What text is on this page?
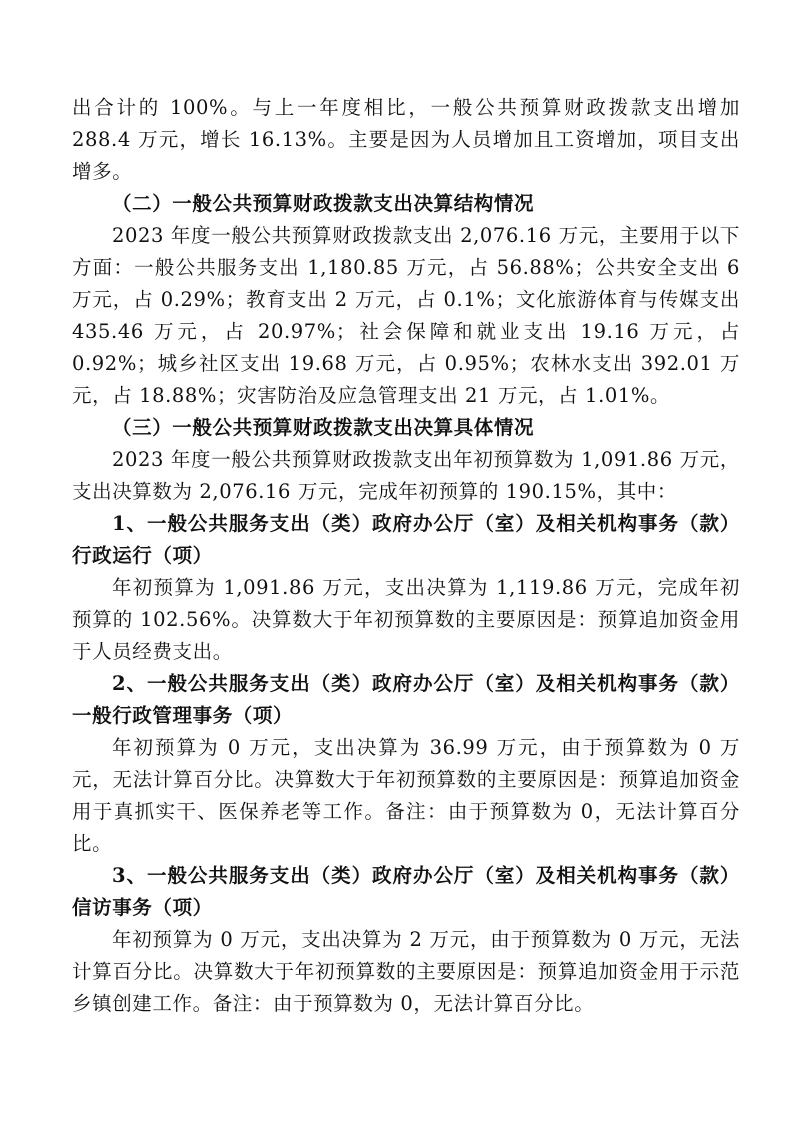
出合计的 100%。与上一年度相比，一般公共预算财政拨款支出增加 288.4 万元，增长 16.13%。主要是因为人员增加且工资增加，项目支出增多。

（二）一般公共预算财政拨款支出决算结构情况

2023 年度一般公共预算财政拨款支出 2,076.16 万元，主要用于以下方面：一般公共服务支出 1,180.85 万元，占 56.88%；公共安全支出 6 万元，占 0.29%；教育支出 2 万元，占 0.1%；文化旅游体育与传媒支出 435.46 万元，占 20.97%；社会保障和就业支出 19.16 万元，占 0.92%；城乡社区支出 19.68 万元，占 0.95%；农林水支出 392.01 万元，占 18.88%；灾害防治及应急管理支出 21 万元，占 1.01%。

（三）一般公共预算财政拨款支出决算具体情况

2023 年度一般公共预算财政拨款支出年初预算数为 1,091.86 万元，支出决算数为 2,076.16 万元，完成年初预算的 190.15%，其中：

1、一般公共服务支出（类）政府办公厅（室）及相关机构事务（款）行政运行（项）

年初预算为 1,091.86 万元，支出决算为 1,119.86 万元，完成年初预算的 102.56%。决算数大于年初预算数的主要原因是：预算追加资金用于人员经费支出。

2、一般公共服务支出（类）政府办公厅（室）及相关机构事务（款）一般行政管理事务（项）

年初预算为 0 万元，支出决算为 36.99 万元，由于预算数为 0 万元，无法计算百分比。决算数大于年初预算数的主要原因是：预算追加资金用于真抓实干、医保养老等工作。备注：由于预算数为 0，无法计算百分比。

3、一般公共服务支出（类）政府办公厅（室）及相关机构事务（款）信访事务（项）

年初预算为 0 万元，支出决算为 2 万元，由于预算数为 0 万元，无法计算百分比。决算数大于年初预算数的主要原因是：预算追加资金用于示范乡镇创建工作。备注：由于预算数为 0，无法计算百分比。
